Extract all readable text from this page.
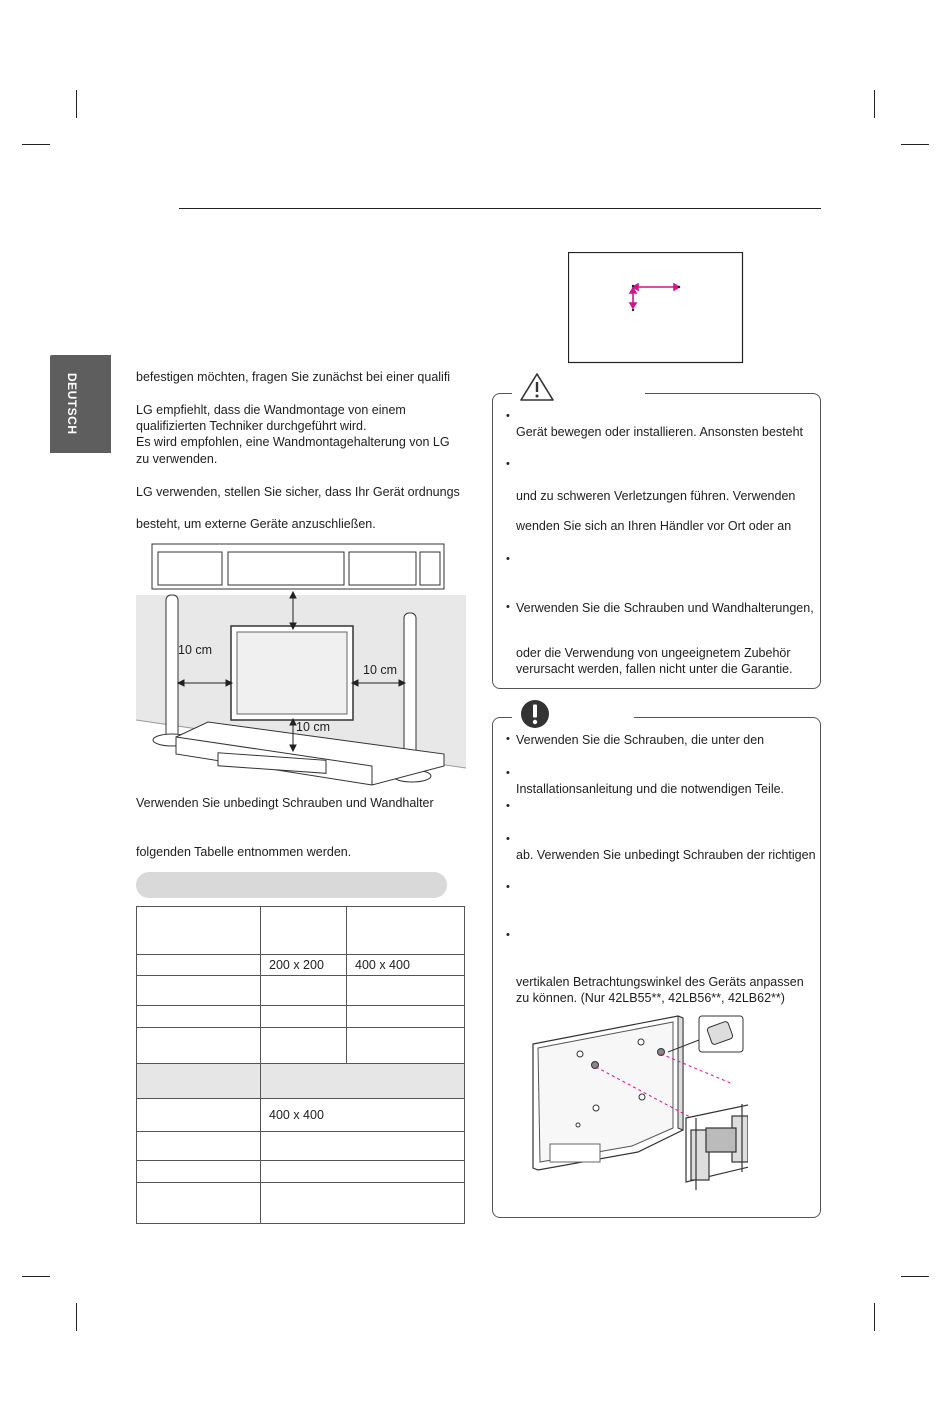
DEUTSCH	befestigen möchten, fragen Sie zunächst bei einer qualifi
LG empfiehlt, dass die Wandmontage von einem
qualifizierten Techniker durchgeführt wird.
Es wird empfohlen, eine Wandmontagehalterung von LG
zu verwenden.
LG verwenden, stellen Sie sicher, dass Ihr Gerät ordnungs
besteht, um externe Geräte anzuschließen.
10 cm
10 cm
10 cm
Verwenden Sie unbedingt Schrauben und Wandhalter
folgenden Tabelle entnommen werden.

	200 x 200	400 x 400

	400 x 400	

•
Gerät bewegen oder installieren. Ansonsten besteht
•
und zu schweren Verletzungen führen. Verwenden
wenden Sie sich an Ihren Händler vor Ort oder an
•
• Verwenden Sie die Schrauben und Wandhalterungen,
oder die Verwendung von ungeeignetem Zubehör
verursacht werden, fallen nicht unter die Garantie.
• Verwenden Sie die Schrauben, die unter den
•
Installationsanleitung und die notwendigen Teile.
•
•
ab. Verwenden Sie unbedingt Schrauben der richtigen
•
•
vertikalen Betrachtungswinkel des Geräts anpassen
zu können. (Nur 42LB55**, 42LB56**, 42LB62**)
